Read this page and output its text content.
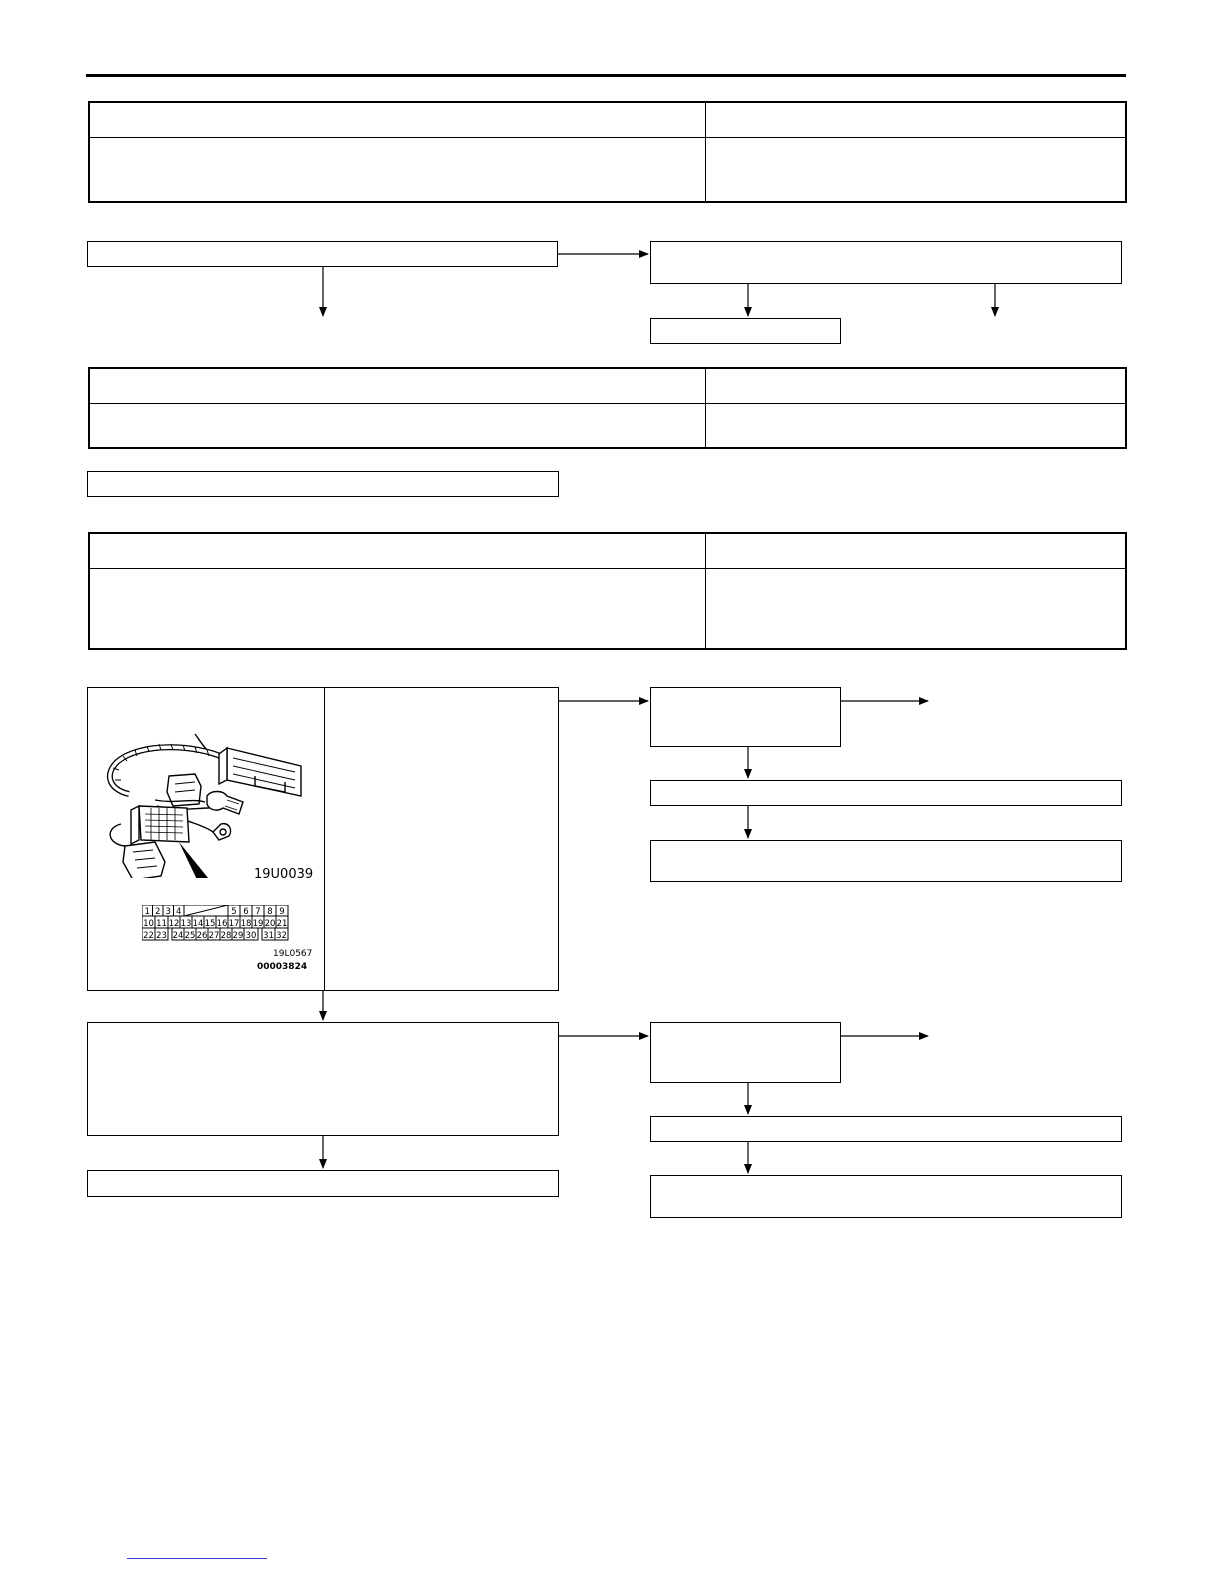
1 2 3 4	5 6 7 8 9
10 11 12 13 14 15 16 17 18 19 20 21
22 23 24 25 26 27 28 29 30 31 32
19U0039
19L0567
00003824
